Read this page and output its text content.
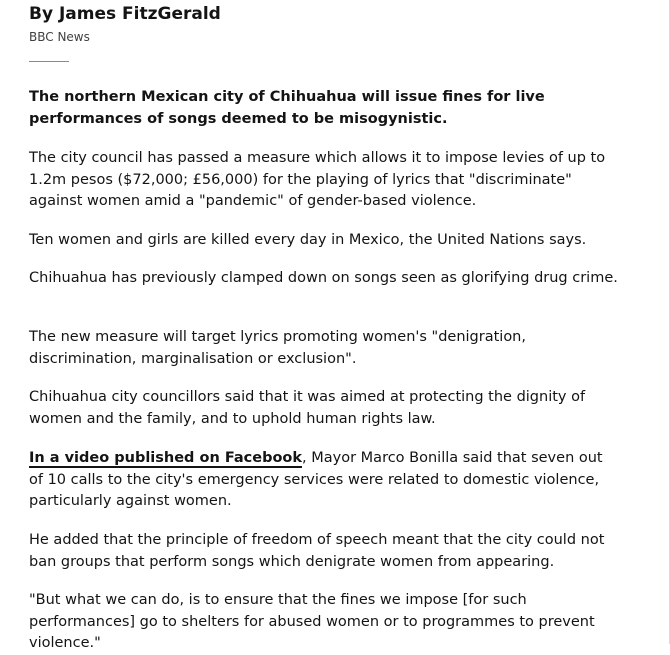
By James FitzGerald
BBC News

The northern Mexican city of Chihuahua will issue fines for live performances of songs deemed to be misogynistic.

The city council has passed a measure which allows it to impose levies of up to 1.2m pesos ($72,000; £56,000) for the playing of lyrics that "discriminate" against women amid a "pandemic" of gender-based violence.

Ten women and girls are killed every day in Mexico, the United Nations says.

Chihuahua has previously clamped down on songs seen as glorifying drug crime.

The new measure will target lyrics promoting women's "denigration, discrimination, marginalisation or exclusion".

Chihuahua city councillors said that it was aimed at protecting the dignity of women and the family, and to uphold human rights law.

In a video published on Facebook, Mayor Marco Bonilla said that seven out of 10 calls to the city's emergency services were related to domestic violence, particularly against women.

He added that the principle of freedom of speech meant that the city could not ban groups that perform songs which denigrate women from appearing.

"But what we can do, is to ensure that the fines we impose [for such performances] go to shelters for abused women or to programmes to prevent violence."
